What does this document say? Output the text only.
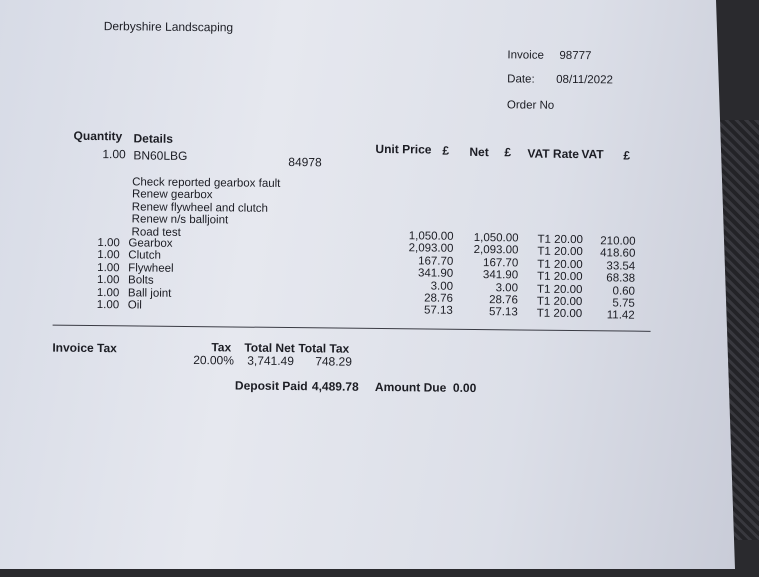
Derbyshire Landscaping
Invoice 98777
Date: 08/11/2022
Order No
Quantity Details
Unit Price £ Net £ VAT Rate VAT £
1.00 BN60LBG	84978
Check reported gearbox fault
Renew gearbox
Renew flywheel and clutch
Renew n/s balljoint
Road test
1.00
1.00
1.00
1.00
1.00
1.00
Gearbox
Clutch
Flywheel
Bolts
Ball joint
Oil
1,050.00
2,093.00
167.70
341.90
3.00
28.76
57.13
1,050.00
2,093.00
167.70
341.90
3.00
28.76
57.13
T1 20.00
T1 20.00
T1 20.00
T1 20.00
T1 20.00
T1 20.00
T1 20.00
210.00
418.60
33.54
68.38
0.60
5.75
11.42
Invoice Tax	Tax
20.00%
Total Net
3,741.49
Total Tax
748.29
Deposit Paid 4,489.78 Amount Due 0.00
